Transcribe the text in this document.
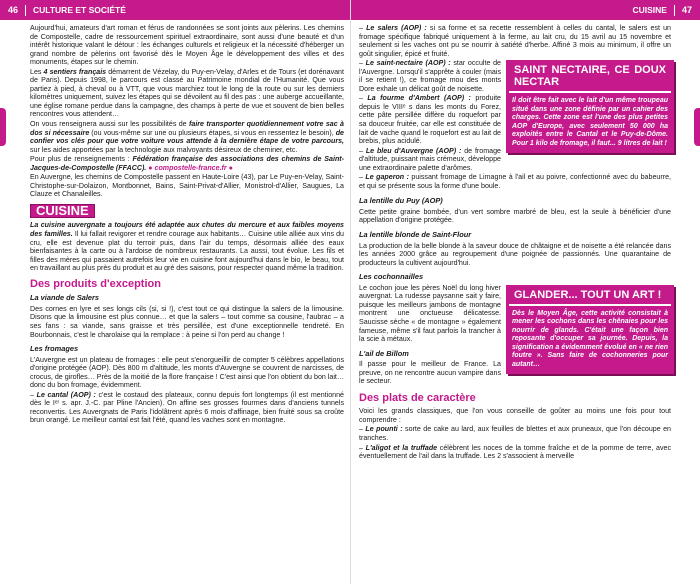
46 CULTURE ET SOCIÉTÉ

Aujourd'hui, amateurs d'art roman et férus de randonnées se sont joints aux pèlerins. Les chemins de Compostelle, cadre de ressourcement spirituel extraordinaire, sont aussi d'une beauté et d'un intérêt historique valant le détour : les échanges culturels et religieux et la nécessité d'héberger un grand nombre de pèlerins ont favorisé dès le Moyen Âge le développement des villes et des monuments, étapes sur le chemin.

Les 4 sentiers français démarrent de Vézelay, du Puy-en-Velay, d'Arles et de Tours (et dorénavant de Paris). Depuis 1998, le parcours est classé au Patrimoine mondial de l'Humanité. Que vous partiez à pied, à cheval ou à VTT, que vous marchiez tout le long de la route ou sur les derniers kilomètres uniquement, suivez les étapes qui se dévoilent au fil des pas : une auberge accueillante, une église romane perdue dans la campagne, des champs à perte de vue et souvent de bien belles rencontres vous attendent…

On vous renseignera aussi sur les possibilités de faire transporter quotidiennement votre sac à dos si nécessaire (ou vous-même sur une ou plusieurs étapes, si vous en ressentez le besoin), de confier vos clés pour que votre voiture vous attende à la dernière étape de votre parcours, sur les aides apportées par la technologie aux malvoyants désireux de cheminer, etc.

Pour plus de renseignements : Fédération française des associations des chemins de Saint-Jacques-de-Compostelle (FFACC). ● compostelle-france.fr ●

En Auvergne, les chemins de Compostelle passent en Haute-Loire (43), par Le Puy-en-Velay, Saint-Christophe-sur-Dolaizon, Montbonnet, Bains, Saint-Privat-d'Allier, Monistrol-d'Allier, Saugues, La Clauze et Chanaleilles.

CUISINE

La cuisine auvergnate a toujours été adaptée aux chutes du mercure et aux faibles moyens des familles. Il lui fallait revigorer et rendre courage aux habitants… Cuisine utile alliée aux vins du cru, elle est devenue plat du terroir puis, dans l'air du temps, désormais alliée des eaux bienfaisantes à la carte ou à l'ardoise de nombreux restaurants. La aussi, tout évolue. Les fils et filles des mères qui passaient autrefois leur vie en cuisine font aujourd'hui dans le bio, le beau, tout en travaillant au plus près du produit et au gré des saisons, pour respecter quand même la tradition.

Des produits d'exception
La viande de Salers

Des cornes en lyre et ses longs cils (si, si !), c'est tout ce qui distingue la salers de la limousine. Disons que la limousine est plus connue… et que la salers – tout comme sa cousine, l'aubrac – a ses fans : sa viande, sans graisse et très persillée, est d'une exceptionnelle tendreté. En Bourbonnais, c'est le charolaise qui la remplace : à peine si l'on perd au change !

Les fromages

L'Auvergne est un plateau de fromages : elle peut s'enorgueillir de compter 5 célèbres appellations d'origine protégée (AOP). Dès 800 m d'altitude, les monts d'Auvergne se couvrent de narcisses, de crocus, de girofles… Près de la moitié de la flore française ! C'est ainsi que l'on obtient du bon lait… donc du bon fromage, évidemment.

– Le cantal (AOP) : c'est le costaud des plateaux, connu depuis fort longtemps (il est mentionné dès le Iᵉʳ s. apr. J.-C. par Pline l'Ancien). On affine ses grosses fourmes dans d'anciens tunnels reconvertis. Les Auvergnats de Paris l'idolâtrent après 6 mois d'affinage, bien fruité sous sa croûte brun orangé. Le meilleur cantal est fait l'été, quand les vaches sont en montagne.

CUISINE 47

– Le salers (AOP) : si sa forme et sa recette ressemblent à celles du cantal, le salers est un fromage spécifique fabriqué uniquement à la ferme, au lait cru, du 15 avril au 15 novembre et seulement si les vaches ont pu se nourrir à satiété d'herbe. Affiné 3 mois au minimum, il offre un goût singulier, épicé et fruité.

SAINT NECTAIRE, CE DOUX NECTAR
Il doit être fait avec le lait d'un même troupeau situé dans une zone définie par un cahier des charges. Cette zone est l'une des plus petites AOP d'Europe, avec seulement 50 000 ha exploités entre le Cantal et le Puy-de-Dôme. Pour 1 kilo de fromage, il faut... 9 litres de lait !

– Le saint-nectaire (AOP) : star occulte de l'Auvergne. Lorsqu'il s'apprête à couler (mais il se retient !), ce fromage mou des monts Dore exhale un délicat goût de noisette.

– La fourme d'Ambert (AOP) : produite depuis le VIIIᵉ s dans les monts du Forez, cette pâte persillée diffère du roquefort par sa douceur fruitée, car elle est constituée de lait de vache quand le roquefort est au lait de brebis, plus acidulé.

– Le bleu d'Auvergne (AOP) : de fromage d'altitude, puissant mais crémeux, développe une extraordinaire palette d'arômes.

– Le gaperon : puissant fromage de Limagne à l'ail et au poivre, confectionné avec du babeurre, et qui se présente sous la forme d'une boule.

La lentille du Puy (AOP)

Cette petite graine bombée, d'un vert sombre marbré de bleu, est la seule à bénéficier d'une appellation d'origine protégée.

La lentille blonde de Saint-Flour

La production de la belle blonde à la saveur douce de châtaigne et de noisette a été relancée dans les années 2000 grâce au regroupement d'une poignée de passionnés. Une quarantaine de producteurs la cultivent aujourd'hui.

Les cochonnailles
GLANDER... TOUT UN ART !
Dès le Moyen Âge, cette activité consistait à mener les cochons dans les chênaies pour les nourrir de glands. C'était une façon bien reposante d'occuper sa journée. Depuis, la signification a évidemment évolué en « ne rien foutre ». Sans faire de cochonneries pour autant…

Le cochon joue les pères Noël du long hiver auvergnat. La rudesse paysanne sait y faire, puisque les meilleurs jambons de montagne montrent une onctueuse délicatesse. Saucisse sèche « de montagne » également fameuse, même s'il faut parfois la trancher à la scie à métaux.

L'ail de Billom

Il passe pour le meilleur de France. La preuve, on ne rencontre aucun vampire dans le secteur.

Des plats de caractère

Voici les grands classiques, que l'on vous conseille de goûter au moins une fois pour tout comprendre :

– Le pounti : sorte de cake au lard, aux feuilles de blettes et aux pruneaux, que l'on découpe en tranches.

– L'aligot et la truffade célèbrent les noces de la tomme fraîche et de la pomme de terre, avec éventuellement de l'ail dans la truffade. Les 2 s'associent à merveille
